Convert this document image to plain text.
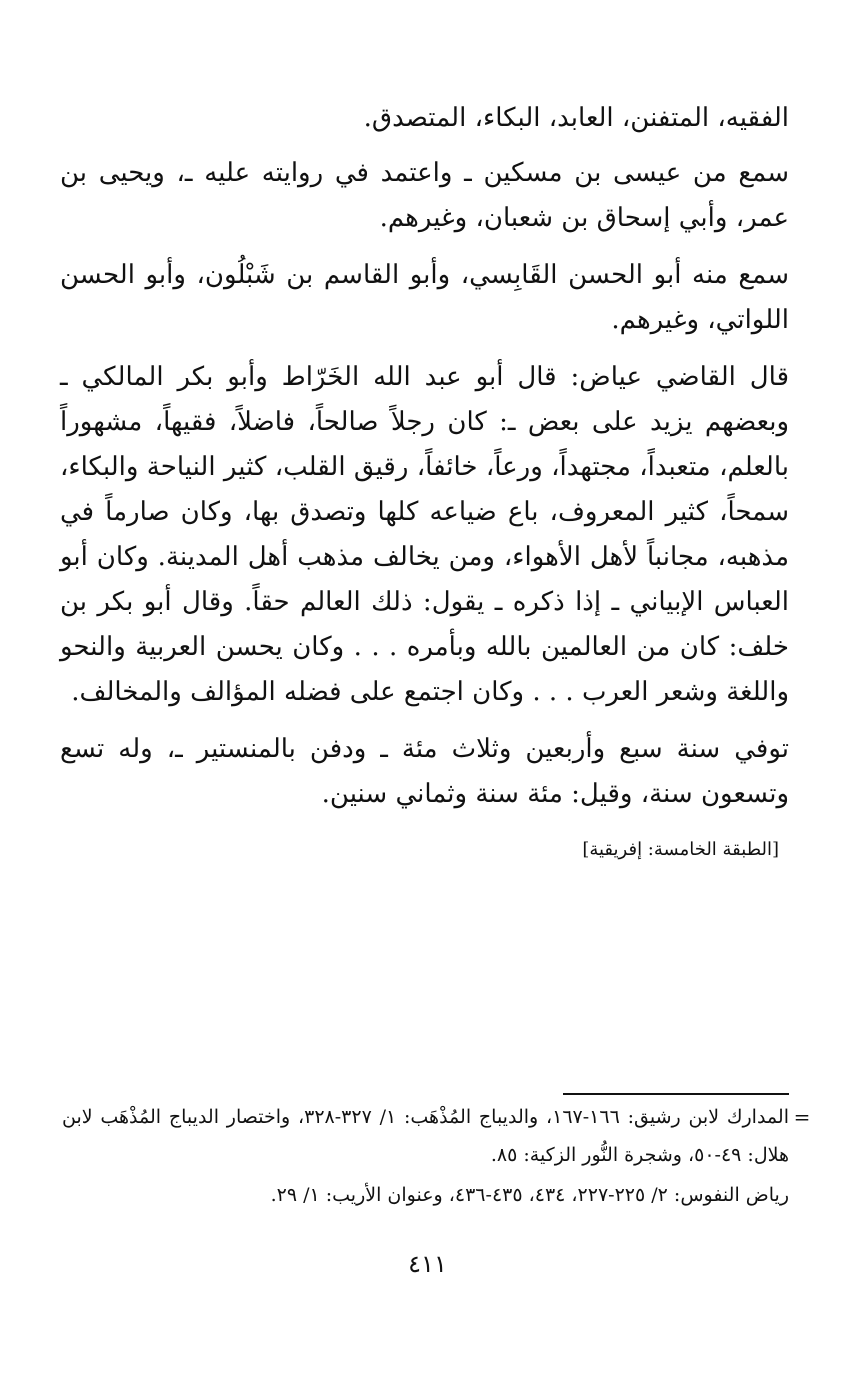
الفقيه، المتفنن، العابد، البكاء، المتصدق.

سمع من عيسى بن مسكين ـ واعتمد في روايته عليه ـ، ويحيى بن عمر، وأبي إسحاق بن شعبان، وغيرهم.

سمع منه أبو الحسن القَابِسي، وأبو القاسم بن شَبْلُون، وأبو الحسن اللواتي، وغيرهم.

قال القاضي عياض: قال أبو عبد الله الخَرّاط وأبو بكر المالكي ـ وبعضهم يزيد على بعض ـ: كان رجلاً صالحاً، فاضلاً، فقيهاً، مشهوراً بالعلم، متعبداً، مجتهداً، ورعاً، خائفاً، رقيق القلب، كثير النياحة والبكاء، سمحاً، كثير المعروف، باع ضياعه كلها وتصدق بها، وكان صارماً في مذهبه، مجانباً لأهل الأهواء، ومن يخالف مذهب أهل المدينة. وكان أبو العباس الإبياني ـ إذا ذكره ـ يقول: ذلك العالم حقاً. وقال أبو بكر بن خلف: كان من العالمين بالله وبأمره . . . وكان يحسن العربية والنحو واللغة وشعر العرب . . . وكان اجتمع على فضله المؤالف والمخالف.

توفي سنة سبع وأربعين وثلاث مئة ـ ودفن بالمنستير ـ، وله تسع وتسعون سنة، وقيل: مئة سنة وثماني سنين.

[الطبقة الخامسة: إفريقية]
=
المدارك لابن رشيق: ١٦٦-١٦٧، والديباج المُذْهَب: ١/ ٣٢٧-٣٢٨، واختصار الديباج المُذْهَب لابن هلال: ٤٩-٥٠، وشجرة النُّور الزكية: ٨٥.
رياض النفوس: ٢/ ٢٢٥-٢٢٧، ٤٣٤، ٤٣٥-٤٣٦، وعنوان الأريب: ١/ ٢٩.
٤١١
